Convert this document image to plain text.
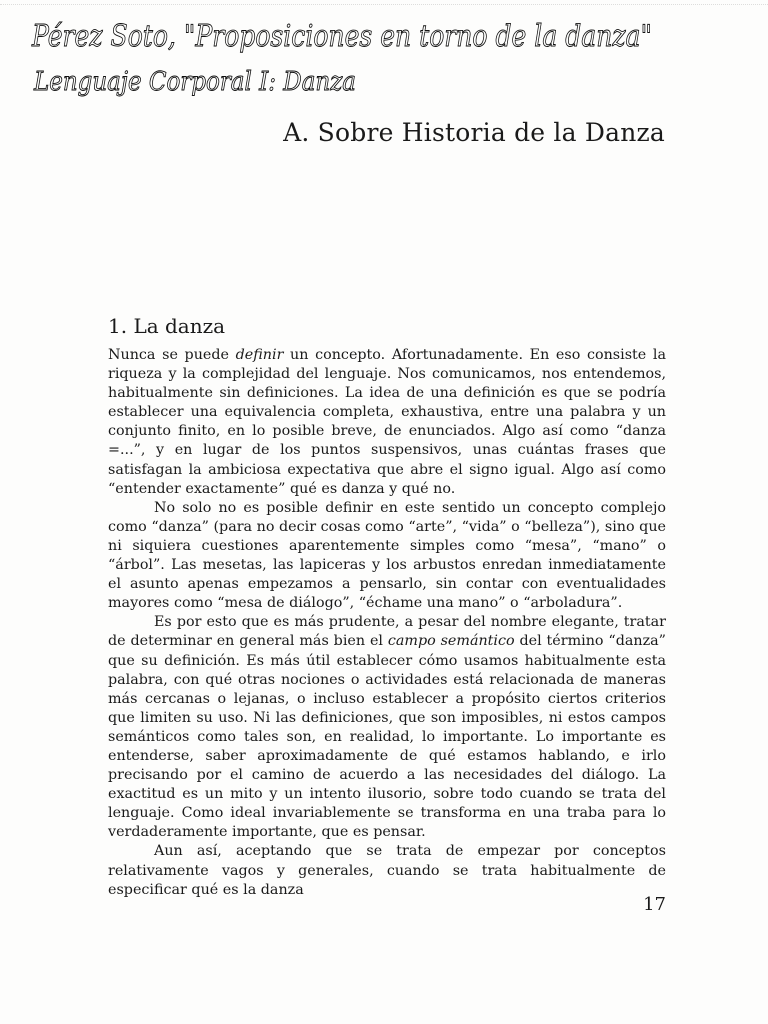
Pérez Soto, "Proposiciones en torno de la danza"
Lenguaje Corporal I: Danza
A. Sobre Historia de la Danza
1. La danza

Nunca se puede definir un concepto. Afortunadamente. En eso consiste la riqueza y la complejidad del lenguaje. Nos comunicamos, nos entendemos, habitualmente sin definiciones. La idea de una definición es que se podría establecer una equivalencia completa, exhaustiva, entre una palabra y un conjunto finito, en lo posible breve, de enunciados. Algo así como “danza =...”, y en lugar de los puntos suspensivos, unas cuántas frases que satisfagan la ambiciosa expectativa que abre el signo igual. Algo así como “entender exactamente” qué es danza y qué no.

No solo no es posible definir en este sentido un concepto complejo como “danza” (para no decir cosas como “arte”, “vida” o “belleza”), sino que ni siquiera cuestiones aparentemente simples como “mesa”, “mano” o “árbol”. Las mesetas, las lapiceras y los arbustos enredan inmediatamente el asunto apenas empezamos a pensarlo, sin contar con eventualidades mayores como “mesa de diálogo”, “échame una mano” o “arboladura”.

Es por esto que es más prudente, a pesar del nombre elegante, tratar de determinar en general más bien el campo semántico del término “danza” que su definición. Es más útil establecer cómo usamos habitualmente esta palabra, con qué otras nociones o actividades está relacionada de maneras más cercanas o lejanas, o incluso establecer a propósito ciertos criterios que limiten su uso. Ni las definiciones, que son imposibles, ni estos campos semánticos como tales son, en realidad, lo importante. Lo importante es entenderse, saber aproximadamente de qué estamos hablando, e irlo precisando por el camino de acuerdo a las necesidades del diálogo. La exactitud es un mito y un intento ilusorio, sobre todo cuando se trata del lenguaje. Como ideal invariablemente se transforma en una traba para lo verdaderamente importante, que es pensar.

Aun así, aceptando que se trata de empezar por conceptos relativamente vagos y generales, cuando se trata habitualmente de especificar qué es la danza

17
